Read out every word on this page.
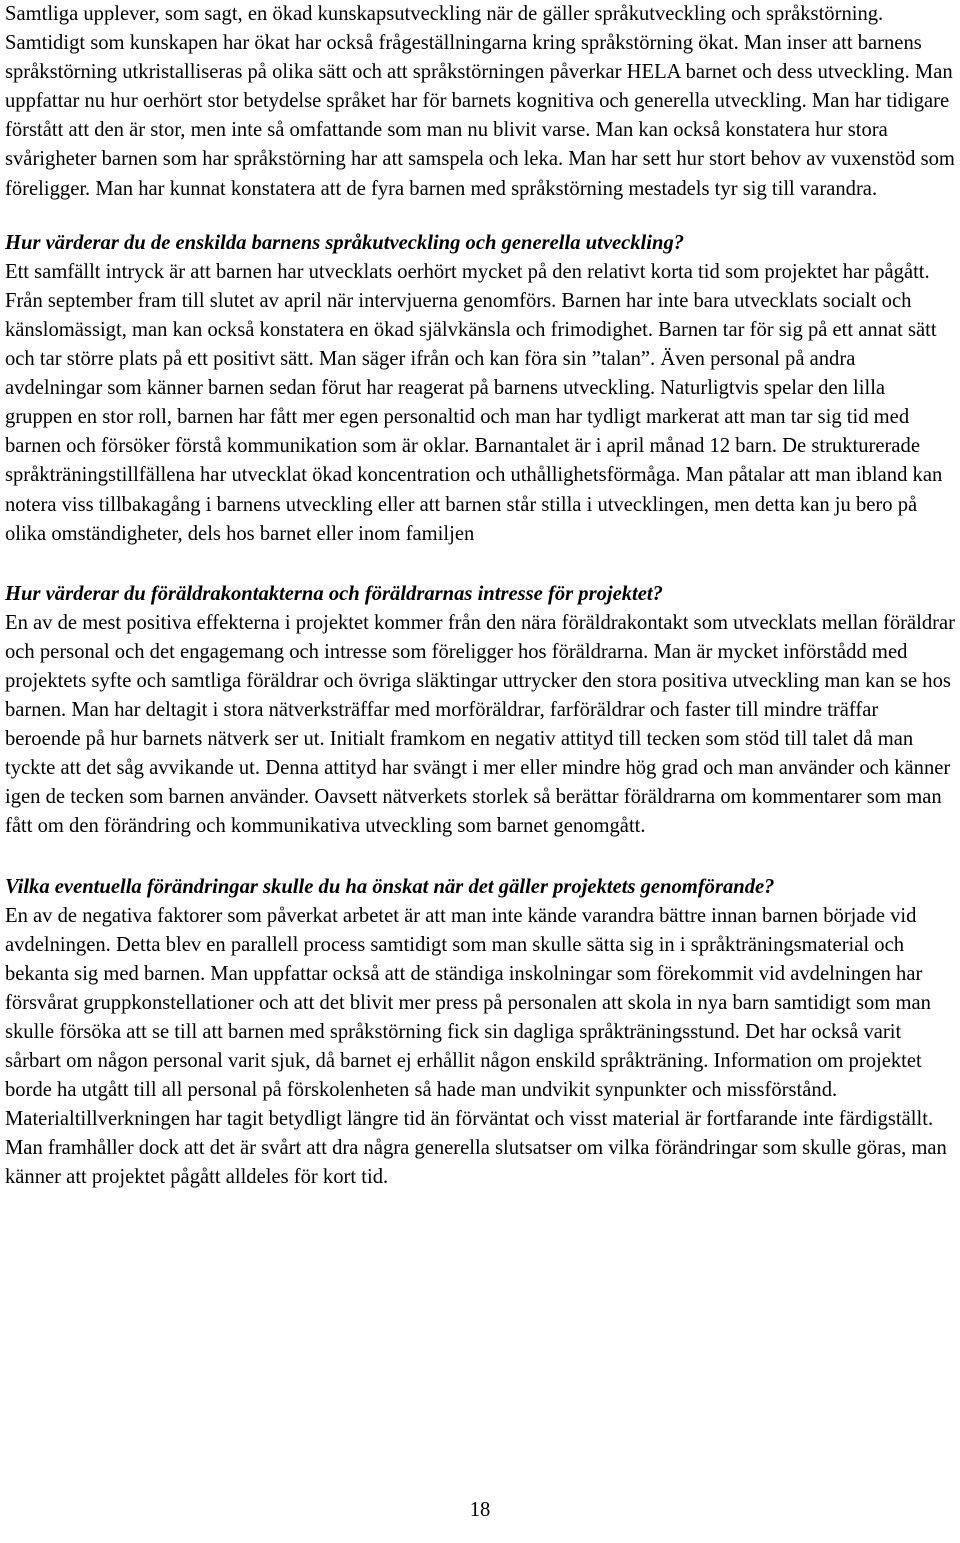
Samtliga upplever, som sagt, en ökad kunskapsutveckling när de gäller språkutveckling och språkstörning. Samtidigt som kunskapen har ökat har också frågeställningarna kring språkstörning ökat. Man inser att barnens språkstörning utkristalliseras på olika sätt och att språkstörningen påverkar HELA barnet och dess utveckling. Man uppfattar nu hur oerhört stor betydelse språket har för barnets kognitiva och generella utveckling. Man har tidigare förstått att den är stor, men inte så omfattande som man nu blivit varse. Man kan också konstatera hur stora svårigheter barnen som har språkstörning har att samspela och leka. Man har sett hur stort behov av vuxenstöd som föreligger. Man har kunnat konstatera att de fyra barnen med språkstörning mestadels tyr sig till varandra.

Hur värderar du de enskilda barnens språkutveckling och generella utveckling?

Ett samfällt intryck är att barnen har utvecklats oerhört mycket på den relativt korta tid som projektet har pågått. Från september fram till slutet av april när intervjuerna genomförs. Barnen har inte bara utvecklats socialt och känslomässigt, man kan också konstatera en ökad självkänsla och frimodighet. Barnen tar för sig på ett annat sätt och tar större plats på ett positivt sätt. Man säger ifrån och kan föra sin ”talan”. Även personal på andra avdelningar som känner barnen sedan förut har reagerat på barnens utveckling. Naturligtvis spelar den lilla gruppen en stor roll, barnen har fått mer egen personaltid och man har tydligt markerat att man tar sig tid med barnen och försöker förstå kommunikation som är oklar. Barnantalet är i april månad 12 barn. De strukturerade språkträningstillfällena har utvecklat ökad koncentration och uthållighetsförmåga. Man påtalar att man ibland kan notera viss tillbakagång i barnens utveckling eller att barnen står stilla i utvecklingen, men detta kan ju bero på olika omständigheter, dels hos barnet eller inom familjen

Hur värderar du föräldrakontakterna och föräldrarnas intresse för projektet?

En av de mest positiva effekterna i projektet kommer från den nära föräldrakontakt som utvecklats mellan föräldrar och personal och det engagemang och intresse som föreligger hos föräldrarna. Man är mycket införstådd med projektets syfte och samtliga föräldrar och övriga släktingar uttrycker den stora positiva utveckling man kan se hos barnen. Man har deltagit i stora nätverksträffar med morföräldrar, farföräldrar och faster till mindre träffar beroende på hur barnets nätverk ser ut. Initialt framkom en negativ attityd till tecken som stöd till talet då man tyckte att det såg avvikande ut. Denna attityd har svängt i mer eller mindre hög grad och man använder och känner igen de tecken som barnen använder. Oavsett nätverkets storlek så berättar föräldrarna om kommentarer som man fått om den förändring och kommunikativa utveckling som barnet genomgått.

Vilka eventuella förändringar skulle du ha önskat när det gäller projektets genomförande?

En av de negativa faktorer som påverkat arbetet är att man inte kände varandra bättre innan barnen började vid avdelningen. Detta blev en parallell process samtidigt som man skulle sätta sig in i språkträningsmaterial och bekanta sig med barnen. Man uppfattar också att de ständiga inskolningar som förekommit vid avdelningen har försvårat gruppkonstellationer och att det blivit mer press på personalen att skola in nya barn samtidigt som man skulle försöka att se till att barnen med språkstörning fick sin dagliga språkträningsstund. Det har också varit sårbart om någon personal varit sjuk, då barnet ej erhållit någon enskild språkträning. Information om projektet borde ha utgått till all personal på förskolenheten så hade man undvikit synpunkter och missförstånd. Materialtillverkningen har tagit betydligt längre tid än förväntat och visst material är fortfarande inte färdigställt. Man framhåller dock att det är svårt att dra några generella slutsatser om vilka förändringar som skulle göras, man känner att projektet pågått alldeles för kort tid.

18
